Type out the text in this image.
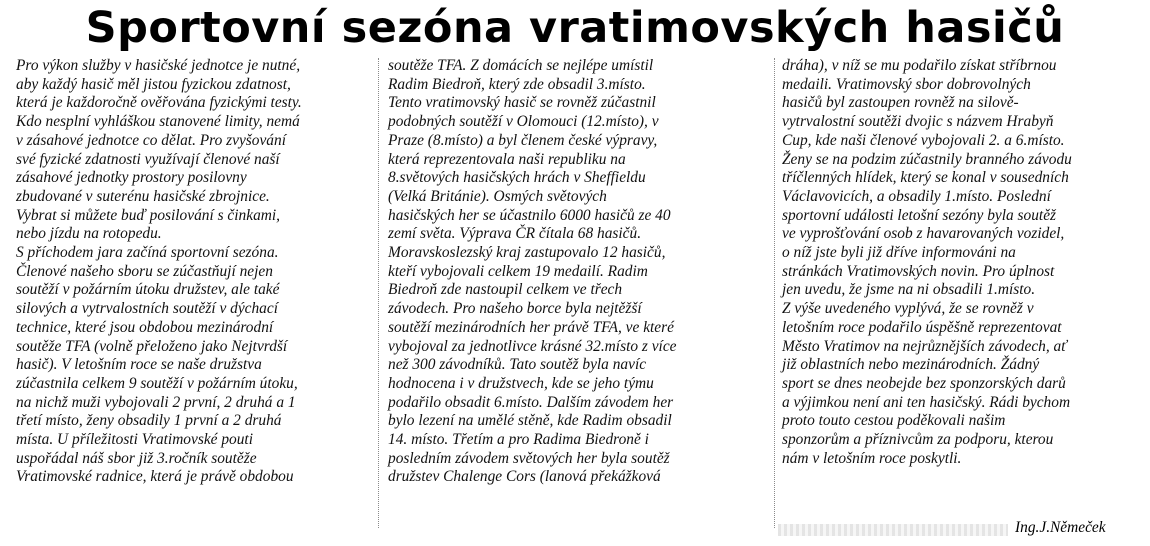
Sportovní sezóna vratimovských hasičů

Pro výkon služby v hasičské jednotce je nutné,

aby každý hasič měl jistou fyzickou zdatnost,

která je každoročně ověřována fyzickými testy.

Kdo nesplní vyhláškou stanovené limity, nemá

v zásahové jednotce co dělat. Pro zvyšování

své fyzické zdatnosti využívají členové naší

zásahové jednotky prostory posilovny

zbudované v suterénu hasičské zbrojnice.

Vybrat si můžete buď posilování s činkami,

nebo jízdu na rotopedu.

S příchodem jara začíná sportovní sezóna.

Členové našeho sboru se zúčastňují nejen

soutěží v požárním útoku družstev, ale také

silových a vytrvalostních soutěží v dýchací

technice, které jsou obdobou mezinárodní

soutěže TFA (volně přeloženo jako Nejtvrdší

hasič). V letošním roce se naše družstva

zúčastnila celkem 9 soutěží v požárním útoku,

na nichž muži vybojovali 2 první, 2 druhá a 1

třetí místo, ženy obsadily 1 první a 2 druhá

místa. U příležitosti Vratimovské pouti

uspořádal náš sbor již 3.ročník soutěže

Vratimovské radnice, která je právě obdobou

soutěže TFA. Z domácích se nejlépe umístil

Radim Biedroň, který zde obsadil 3.místo.

Tento vratimovský hasič se rovněž zúčastnil

podobných soutěží v Olomouci (12.místo), v

Praze (8.místo) a byl členem české výpravy,

která reprezentovala naši republiku na

8.světových hasičských hrách v Sheffieldu

(Velká Británie). Osmých světových

hasičských her se účastnilo 6000 hasičů ze 40

zemí světa. Výprava ČR čítala 68 hasičů.

Moravskoslezský kraj zastupovalo 12 hasičů,

kteří vybojovali celkem 19 medailí. Radim

Biedroň zde nastoupil celkem ve třech

závodech. Pro našeho borce byla nejtěžší

soutěží mezinárodních her právě TFA, ve které

vybojoval za jednotlivce krásné 32.místo z více

než 300 závodníků. Tato soutěž byla navíc

hodnocena i v družstvech, kde se jeho týmu

podařilo obsadit 6.místo. Dalším závodem her

bylo lezení na umělé stěně, kde Radim obsadil

14. místo. Třetím a pro Radima Biedroně i

posledním závodem světových her byla soutěž

družstev Chalenge Cors (lanová překážková

dráha), v níž se mu podařilo získat stříbrnou

medaili. Vratimovský sbor dobrovolných

hasičů byl zastoupen rovněž na silově-

vytrvalostní soutěži dvojic s názvem Hrabyň

Cup, kde naši členové vybojovali 2. a 6.místo.

Ženy se na podzim zúčastnily branného závodu

tříčlenných hlídek, který se konal v sousedních

Václavovicích, a obsadily 1.místo. Poslední

sportovní události letošní sezóny byla soutěž

ve vyprošťování osob z havarovaných vozidel,

o níž jste byli již dříve informováni na

stránkách Vratimovských novin. Pro úplnost

jen uvedu, že jsme na ni obsadili 1.místo.

Z výše uvedeného vyplývá, že se rovněž v

letošním roce podařilo úspěšně reprezentovat

Město Vratimov na nejrůznějších závodech, ať

již oblastních nebo mezinárodních. Žádný

sport se dnes neobejde bez sponzorských darů

a výjimkou není ani ten hasičský. Rádi bychom

proto touto cestou poděkovali našim

sponzorům a příznivcům za podporu, kterou

nám v letošním roce poskytli.

Ing.J.Němeček
